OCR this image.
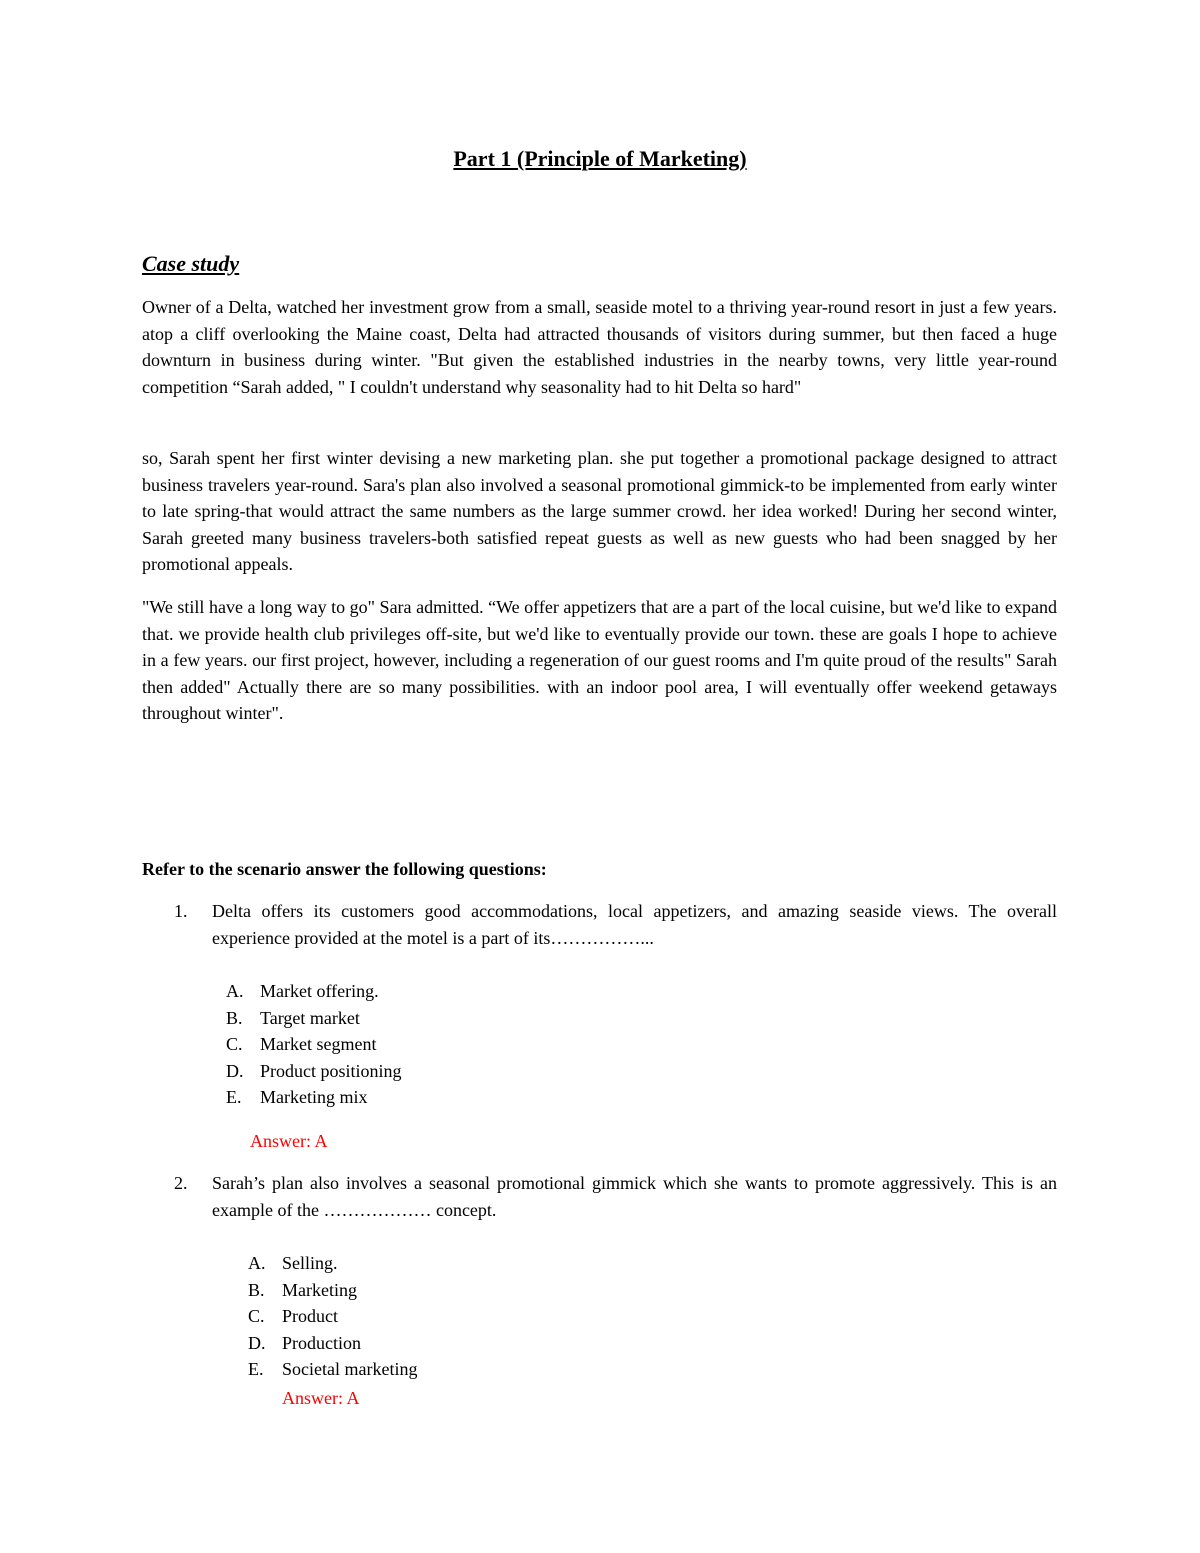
Part 1 (Principle of Marketing)
Case study

Owner of a Delta, watched her investment grow from a small, seaside motel to a thriving year-round resort in just a few years. atop a cliff overlooking the Maine coast, Delta had attracted thousands of visitors during summer, but then faced a huge downturn in business during winter. "But given the established industries in the nearby towns, very little year-round competition “Sarah added, " I couldn't understand why seasonality had to hit Delta so hard"

so, Sarah spent her first winter devising a new marketing plan. she put together a promotional package designed to attract business travelers year-round. Sara's plan also involved a seasonal promotional gimmick-to be implemented from early winter to late spring-that would attract the same numbers as the large summer crowd. her idea worked! During her second winter, Sarah greeted many business travelers-both satisfied repeat guests as well as new guests who had been snagged by her promotional appeals.

"We still have a long way to go" Sara admitted. “We offer appetizers that are a part of the local cuisine, but we'd like to expand that. we provide health club privileges off-site, but we'd like to eventually provide our town. these are goals I hope to achieve in a few years. our first project, however, including a regeneration of our guest rooms and I'm quite proud of the results" Sarah then added" Actually there are so many possibilities. with an indoor pool area, I will eventually offer weekend getaways throughout winter".

Refer to the scenario answer the following questions:

1. Delta offers its customers good accommodations, local appetizers, and amazing seaside views. The overall experience provided at the motel is a part of its……………...

A. Market offering.
B. Target market
C. Market segment
D. Product positioning
E. Marketing mix

Answer: A

2. Sarah’s plan also involves a seasonal promotional gimmick which she wants to promote aggressively. This is an example of the ……………… concept.

A. Selling.
B. Marketing
C. Product
D. Production
E. Societal marketing

Answer: A
